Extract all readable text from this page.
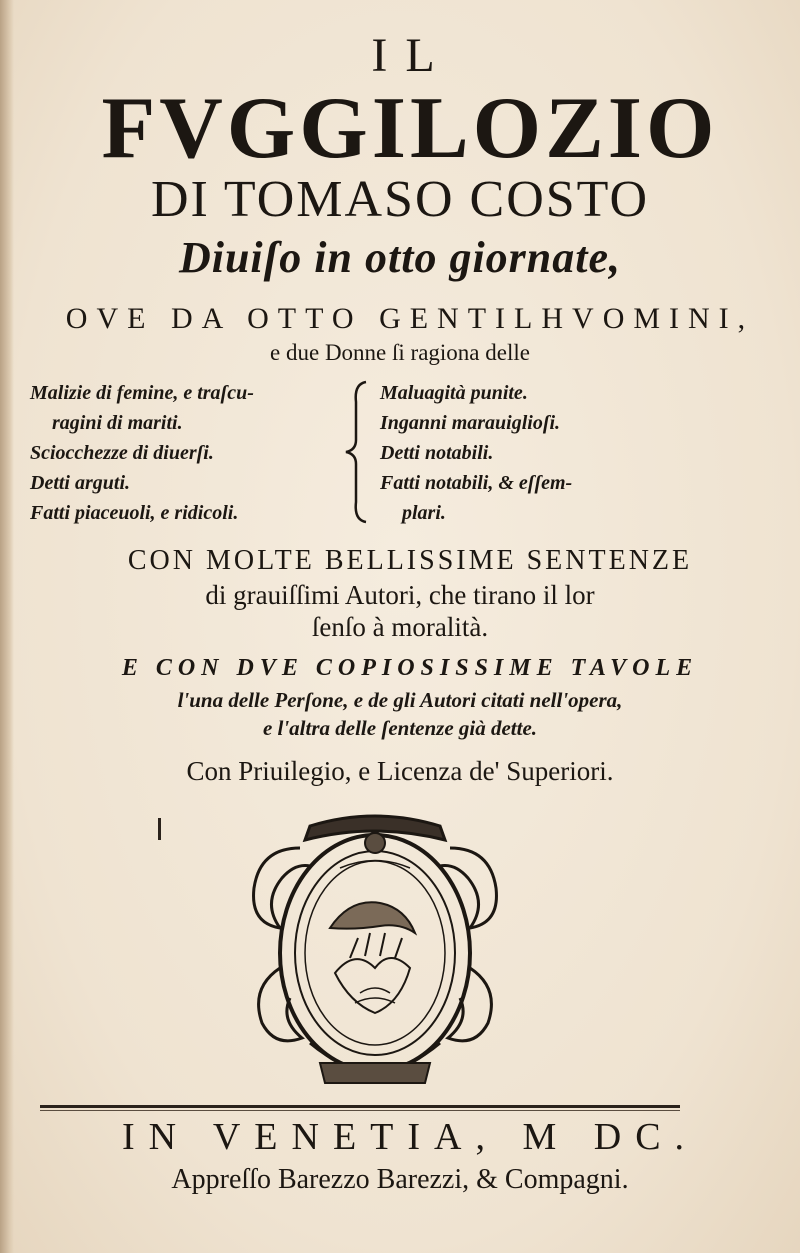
IL
FVGGILOZIO
DI TOMASO COSTO
Diuiſo in otto giornate,
OVE DA OTTO GENTILHVOMINI,
e due Donne ſi ragiona delle
Malizie di femine, e traſcu-
ragini di mariti.
Sciocchezze di diuerſi.
Detti arguti.
Fatti piaceuoli, e ridicoli.
Maluagità punite.
Inganni marauiglioſi.
Detti notabili.
Fatti notabili, & eſſem-
plari.
CON MOLTE BELLISSIME SENTENZE
di grauiſſimi Autori, che tirano il lor
ſenſo à moralità.
E CON DVE COPIOSISSIME TAVOLE
l'una delle Perſone, e de gli Autori citati nell'opera,
e l'altra delle ſentenze già dette.
Con Priuilegio, e Licenza de' Superiori.
IN VENETIA, M DC.
Appreſſo Barezzo Barezzi, & Compagni.
